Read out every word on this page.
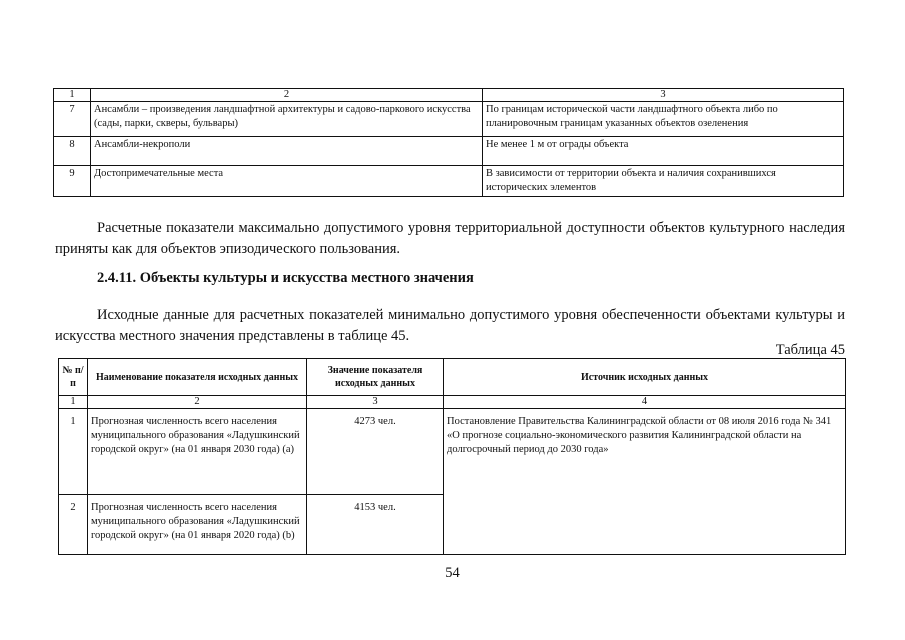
1	2	3
7	Ансамбли – произведения ландшафтной архитектуры и садово-паркового искусства (сады, парки, скверы, бульвары)	По границам исторической части ландшафтного объекта либо по планировочным границам указанных объектов озеленения
8	Ансамбли-некрополи	Не менее 1 м от ограды объекта
9	Достопримечательные места	В зависимости от территории объекта и наличия сохранившихся исторических элементов
Расчетные показатели максимально допустимого уровня территориальной доступности объектов культурного наследия приняты как для объектов эпизодического пользования.
2.4.11. Объекты культуры и искусства местного значения
Исходные данные для расчетных показателей минимально допустимого уровня обеспеченности объектами культуры и искусства местного значения представлены в таблице 45.
Таблица 45
№ п/п	Наименование показателя исходных данных	Значение показателя исходных данных	Источник исходных данных
1	2	3	4
1	Прогнозная численность всего населения муниципального образования «Ладушкинский городской округ» (на 01 января 2030 года) (a)	4273 чел.	Постановление Правительства Калининградской области от 08 июля 2016 года № 341 «О прогнозе социально-экономического развития Калининградской области на долгосрочный период до 2030 года»
2	Прогнозная численность всего населения муниципального образования «Ладушкинский городской округ» (на 01 января 2020 года) (b)	4153 чел.	
54
